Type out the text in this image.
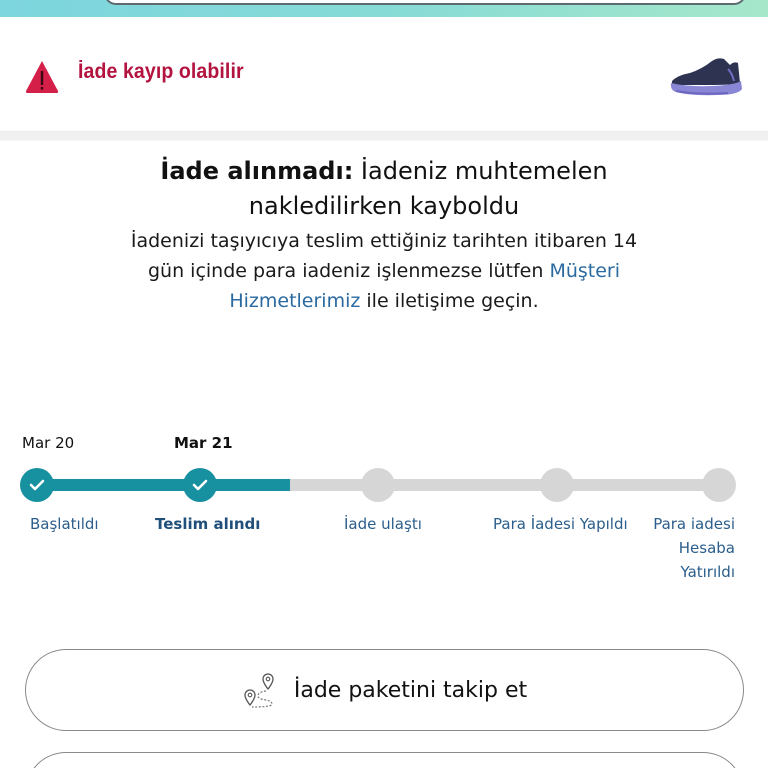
İade kayıp olabilir
İade alınmadı: İadeniz muhtemelen nakledilirken kayboldu
İadenizi taşıyıcıya teslim ettiğiniz tarihten itibaren 14 gün içinde para iadeniz işlenmezse lütfen Müşteri Hizmetlerimiz ile iletişime geçin.
Mar 20	Mar 21
Başlatıldı	Teslim alındı	İade ulaştı	Para İadesi Yapıldı	Para iadesi Hesaba Yatırıldı
İade paketini takip et
